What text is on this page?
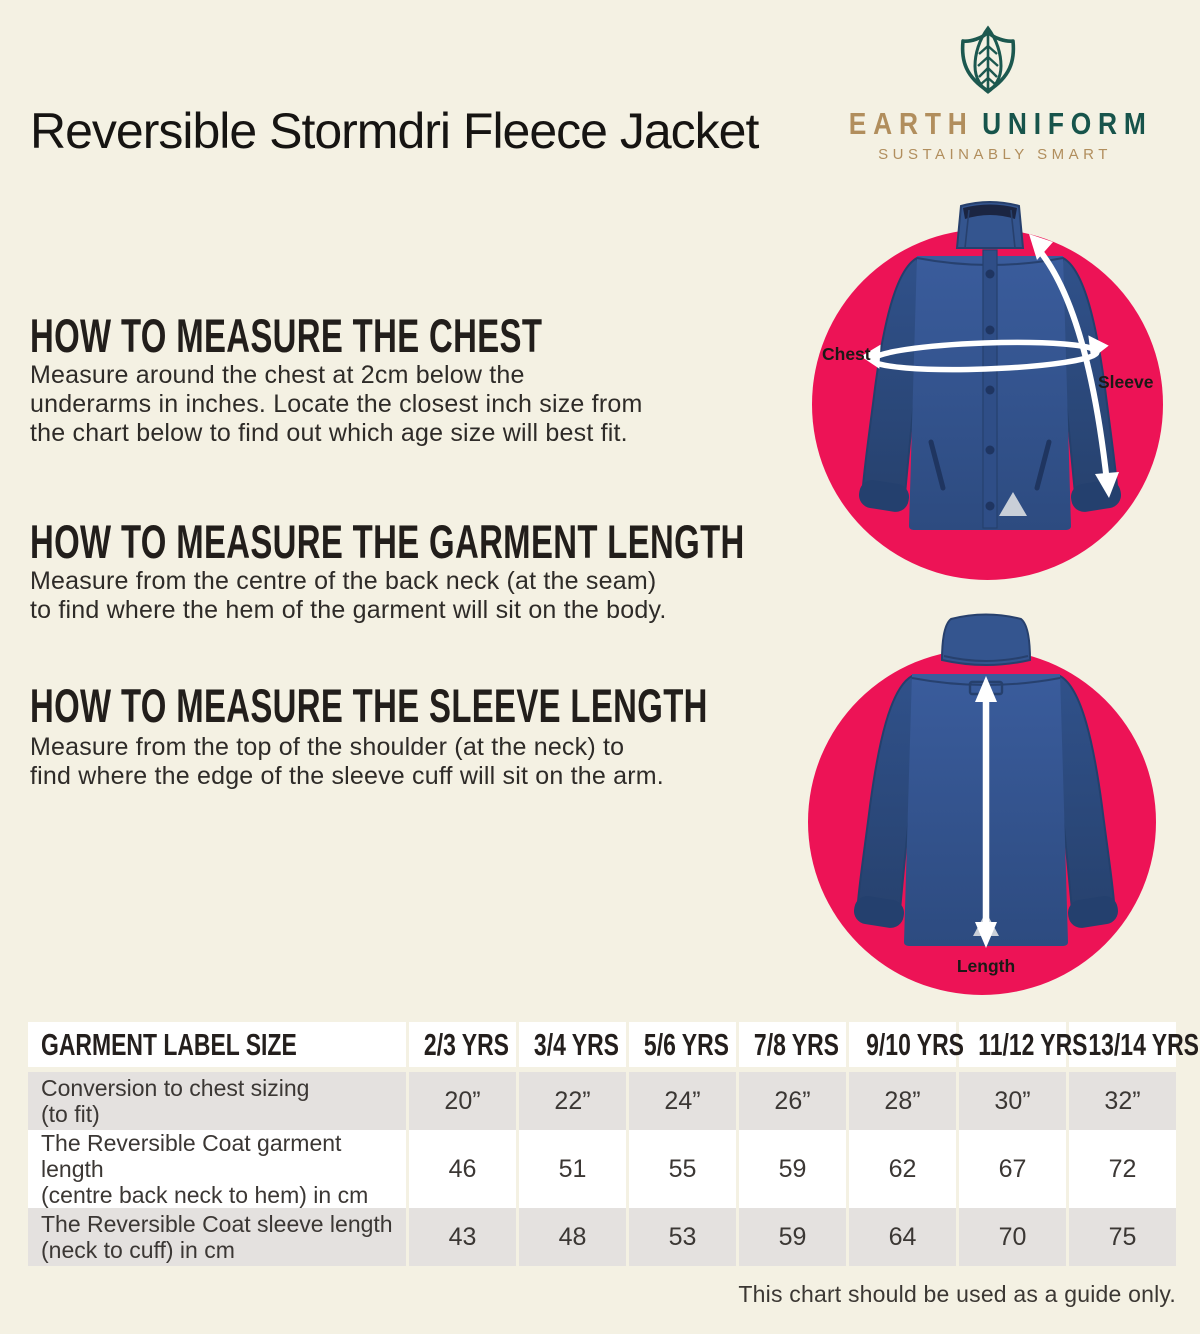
Reversible Stormdri Fleece Jacket	EARTH UNIFORM
SUSTAINABLY SMART
HOW TO MEASURE THE CHEST
Measure around the chest at 2cm below the
underarms in inches. Locate the closest inch size from
the chart below to find out which age size will best fit.
HOW TO MEASURE THE GARMENT LENGTH
Measure from the centre of the back neck (at the seam)
to find where the hem of the garment will sit on the body.
HOW TO MEASURE THE SLEEVE LENGTH
Measure from the top of the shoulder (at the neck) to
find where the edge of the sleeve cuff will sit on the arm.
Chest
Sleeve
Length
GARMENT LABEL SIZE	2/3 YRS	3/4 YRS	5/6 YRS	7/8 YRS	9/10 YRS	11/12 YRS	13/14 YRS

Conversion to chest sizing
(to fit)	20”	22”	24”	26”	28”	30”	32”

The Reversible Coat garment length
(centre back neck to hem) in cm	46	51	55	59	62	67	72

The Reversible Coat sleeve length
(neck to cuff) in cm	43	48	53	59	64	70	75
This chart should be used as a guide only.
